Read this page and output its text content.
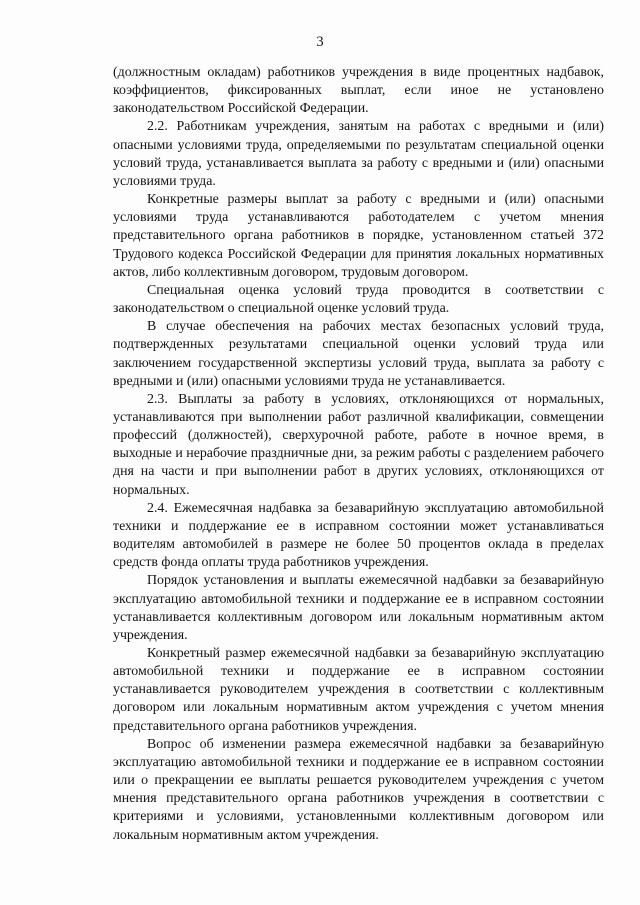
3

(должностным окладам) работников учреждения в виде процентных надбавок, коэффициентов, фиксированных выплат, если иное не установлено законодательством Российской Федерации.

2.2. Работникам учреждения, занятым на работах с вредными и (или) опасными условиями труда, определяемыми по результатам специальной оценки условий труда, устанавливается выплата за работу с вредными и (или) опасными условиями труда.

Конкретные размеры выплат за работу с вредными и (или) опасными условиями труда устанавливаются работодателем с учетом мнения представительного органа работников в порядке, установленном статьей 372 Трудового кодекса Российской Федерации для принятия локальных нормативных актов, либо коллективным договором, трудовым договором.

Специальная оценка условий труда проводится в соответствии с законодательством о специальной оценке условий труда.

В случае обеспечения на рабочих местах безопасных условий труда, подтвержденных результатами специальной оценки условий труда или заключением государственной экспертизы условий труда, выплата за работу с вредными и (или) опасными условиями труда не устанавливается.

2.3. Выплаты за работу в условиях, отклоняющихся от нормальных, устанавливаются при выполнении работ различной квалификации, совмещении профессий (должностей), сверхурочной работе, работе в ночное время, в выходные и нерабочие праздничные дни, за режим работы с разделением рабочего дня на части и при выполнении работ в других условиях, отклоняющихся от нормальных.

2.4. Ежемесячная надбавка за безаварийную эксплуатацию автомобильной техники и поддержание ее в исправном состоянии может устанавливаться водителям автомобилей в размере не более 50 процентов оклада в пределах средств фонда оплаты труда работников учреждения.

Порядок установления и выплаты ежемесячной надбавки за безаварийную эксплуатацию автомобильной техники и поддержание ее в исправном состоянии устанавливается коллективным договором или локальным нормативным актом учреждения.

Конкретный размер ежемесячной надбавки за безаварийную эксплуатацию автомобильной техники и поддержание ее в исправном состоянии устанавливается руководителем учреждения в соответствии с коллективным договором или локальным нормативным актом учреждения с учетом мнения представительного органа работников учреждения.

Вопрос об изменении размера ежемесячной надбавки за безаварийную эксплуатацию автомобильной техники и поддержание ее в исправном состоянии или о прекращении ее выплаты решается руководителем учреждения с учетом мнения представительного органа работников учреждения в соответствии с критериями и условиями, установленными коллективным договором или локальным нормативным актом учреждения.
